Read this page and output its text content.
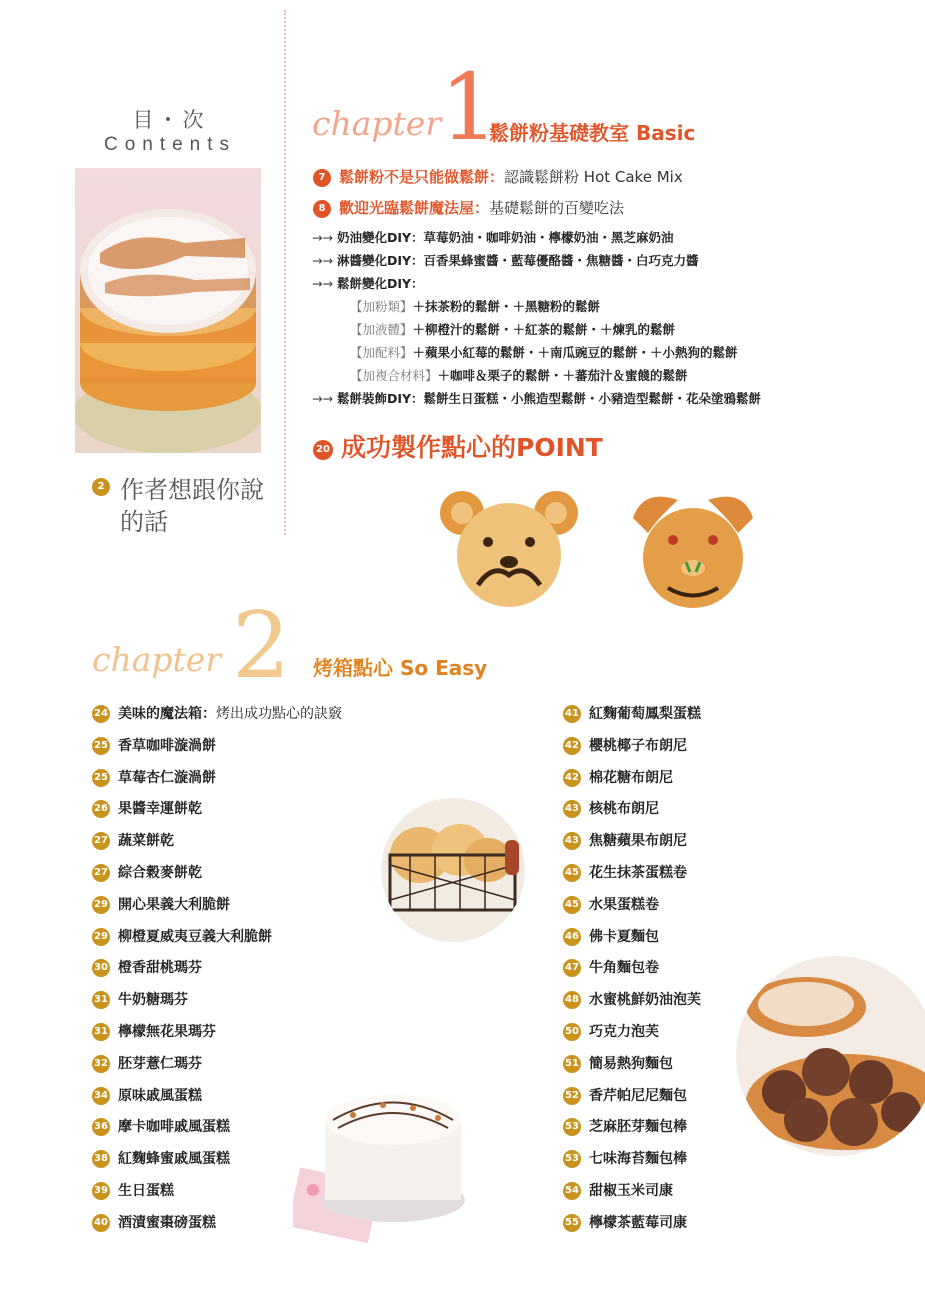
目・次
Contents
2 作者想跟你說的話
chapter
1
鬆餅粉基礎教室 Basic
7 鬆餅粉不是只能做鬆餅：認識鬆餅粉 Hot Cake Mix
8 歡迎光臨鬆餅魔法屋：基礎鬆餅的百變吃法
→→ 奶油變化DIY：草莓奶油・咖啡奶油・檸檬奶油・黑芝麻奶油
→→ 淋醬變化DIY：百香果蜂蜜醬・藍莓優酪醬・焦糖醬・白巧克力醬
→→ 鬆餅變化DIY：
【加粉類】＋抹茶粉的鬆餅・＋黑糖粉的鬆餅
【加液體】＋柳橙汁的鬆餅・＋紅茶的鬆餅・＋煉乳的鬆餅
【加配料】＋蘋果小紅莓的鬆餅・＋南瓜豌豆的鬆餅・＋小熱狗的鬆餅
【加複合材料】＋咖啡＆栗子的鬆餅・＋蕃茄汁＆蜜餞的鬆餅
→→ 鬆餅裝飾DIY：鬆餅生日蛋糕・小熊造型鬆餅・小豬造型鬆餅・花朵塗鴉鬆餅
20 成功製作點心的POINT
chapter 2 烤箱點心 So Easy
24 美味的魔法箱：烤出成功點心的訣竅
25 香草咖啡漩渦餅
25 草莓杏仁漩渦餅
26 果醬幸運餅乾
27 蔬菜餅乾
27 綜合穀麥餅乾
29 開心果義大利脆餅
29 柳橙夏威夷豆義大利脆餅
30 橙香甜桃瑪芬
31 牛奶糖瑪芬
31 檸檬無花果瑪芬
32 胚芽薏仁瑪芬
34 原味戚風蛋糕
36 摩卡咖啡戚風蛋糕
38 紅麴蜂蜜戚風蛋糕
39 生日蛋糕
40 酒漬蜜棗磅蛋糕
41 紅麴葡萄鳳梨蛋糕
42 櫻桃椰子布朗尼
42 棉花糖布朗尼
43 核桃布朗尼
43 焦糖蘋果布朗尼
45 花生抹茶蛋糕卷
45 水果蛋糕卷
46 佛卡夏麵包
47 牛角麵包卷
48 水蜜桃鮮奶油泡芙
50 巧克力泡芙
51 簡易熱狗麵包
52 香芹帕尼尼麵包
53 芝麻胚芽麵包棒
53 七味海苔麵包棒
54 甜椒玉米司康
55 檸檬茶藍莓司康
